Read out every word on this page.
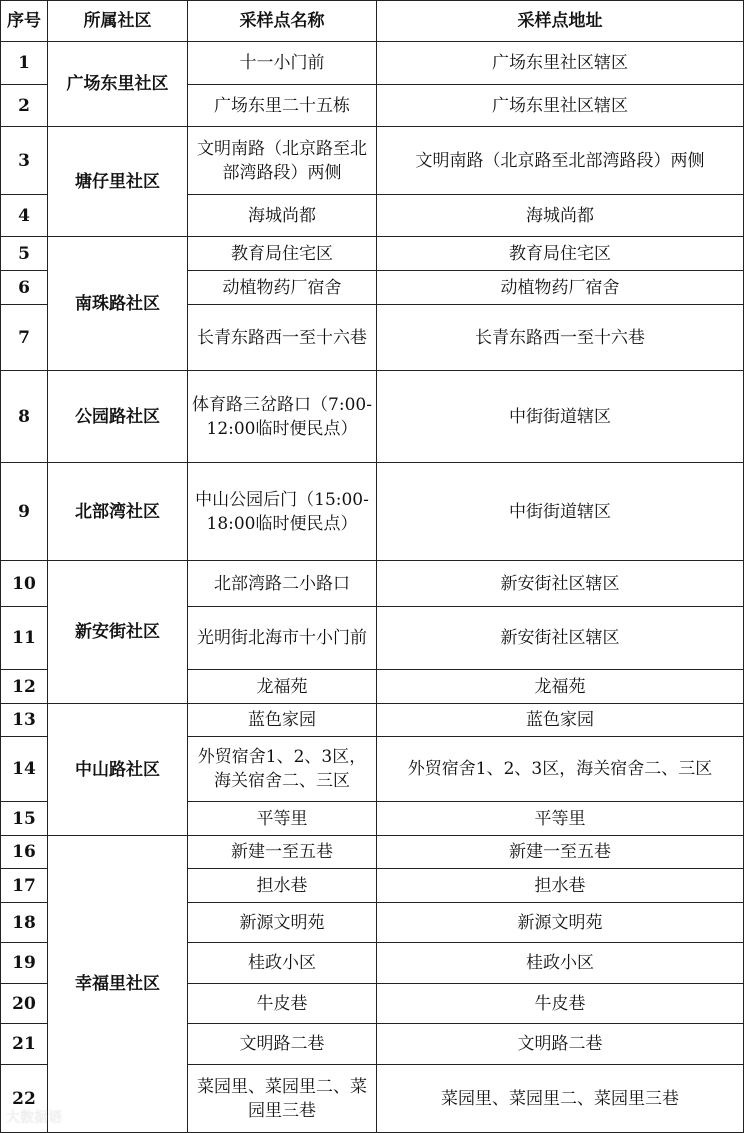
序号	所属社区	采样点名称	采样点地址
1	广场东里社区	十一小门前	广场东里社区辖区
2		广场东里二十五栋	广场东里社区辖区
3	塘仔里社区	文明南路（北京路至北部湾路段）两侧	文明南路（北京路至北部湾路段）两侧
4		海城尚都	海城尚都
5	南珠路社区	教育局住宅区	教育局住宅区
6		动植物药厂宿舍	动植物药厂宿舍
7		长青东路西一至十六巷	长青东路西一至十六巷
8	公园路社区	体育路三岔路口（7:00-12:00临时便民点）	中街街道辖区
9	北部湾社区	中山公园后门（15:00-18:00临时便民点）	中街街道辖区
10	新安街社区	北部湾路二小路口	新安街社区辖区
11		光明街北海市十小门前	新安街社区辖区
12		龙福苑	龙福苑
13	中山路社区	蓝色家园	蓝色家园
14		外贸宿舍1、2、3区，海关宿舍二、三区	外贸宿舍1、2、3区，海关宿舍二、三区
15		平等里	平等里
16	幸福里社区	新建一至五巷	新建一至五巷
17		担水巷	担水巷
18		新源文明苑	新源文明苑
19		桂政小区	桂政小区
20		牛皮巷	牛皮巷
21		文明路二巷	文明路二巷
22		菜园里、菜园里二、菜园里三巷	菜园里、菜园里二、菜园里三巷
大数据语
